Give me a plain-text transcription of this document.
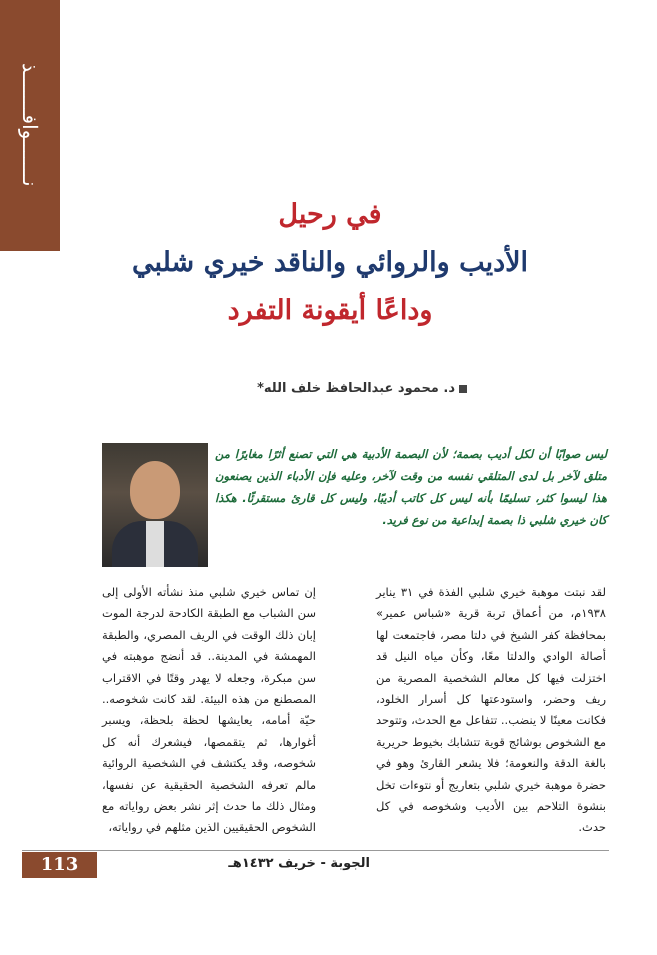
نـــــــوافـــــــذ
في رحيل
الأديب والروائي والناقد خيري شلبي
وداعًا أيقونة التفرد
د. محمود عبدالحافظ خلف الله*
ليس صوابًا أن لكل أديب بصمة؛ لأن البصمة الأدبية هي التي تصنع أثرًا مغايرًا من متلق لآخر بل لدى المتلقي نفسه من وقت لآخر، وعليه فإن الأدباء الذين يصنعون هذا ليسوا كثر، تسليمًا بأنه ليس كل كاتب أديبًا، وليس كل قارئ مستقرئًا. هكذا كان خيري شلبي ذا بصمة إبداعية من نوع فريد.
لقد نبتت موهبة خيري شلبي الفذة في ٣١ يناير ١٩٣٨م، من أعماق تربة قرية «شباس عمير» بمحافظة كفر الشيخ في دلتا مصر، فاجتمعت لها أصالة الوادي والدلتا معًا، وكأن مياه النيل قد اختزلت فيها كل معالم الشخصية المصرية من ريف وحضر، واستودعتها كل أسرار الخلود، فكانت معينًا لا ينضب.. تتفاعل مع الحدث، وتتوحد مع الشخوص بوشائج قوية تتشابك بخيوط حريرية بالغة الدقة والنعومة؛ فلا يشعر القارئ وهو في حضرة موهبة خيري شلبي بتعاريج أو نتوءات تخل بنشوة التلاحم بين الأديب وشخوصه في كل حدث.
إن تماس خيري شلبي منذ نشأته الأولى إلى سن الشباب مع الطبقة الكادحة لدرجة الموت إبان ذلك الوقت في الريف المصري، والطبقة المهمشة في المدينة.. قد أنضج موهبته في سن مبكرة، وجعله لا يهدر وقتًا في الاقتراب المصطنع من هذه البيئة. لقد كانت شخوصه.. حيّة أمامه، يعايشها لحظة بلحظة، ويسبر أغوارها، ثم يتقمصها، فيشعرك أنه كل شخوصه، وقد يكتشف في الشخصية الروائية مالم تعرفه الشخصية الحقيقية عن نفسها، ومثال ذلك ما حدث إثر نشر بعض رواياته مع الشخوص الحقيقيين الذين مثلهم في رواياته،
الجوبة - خريف ١٤٣٢هـ
113
